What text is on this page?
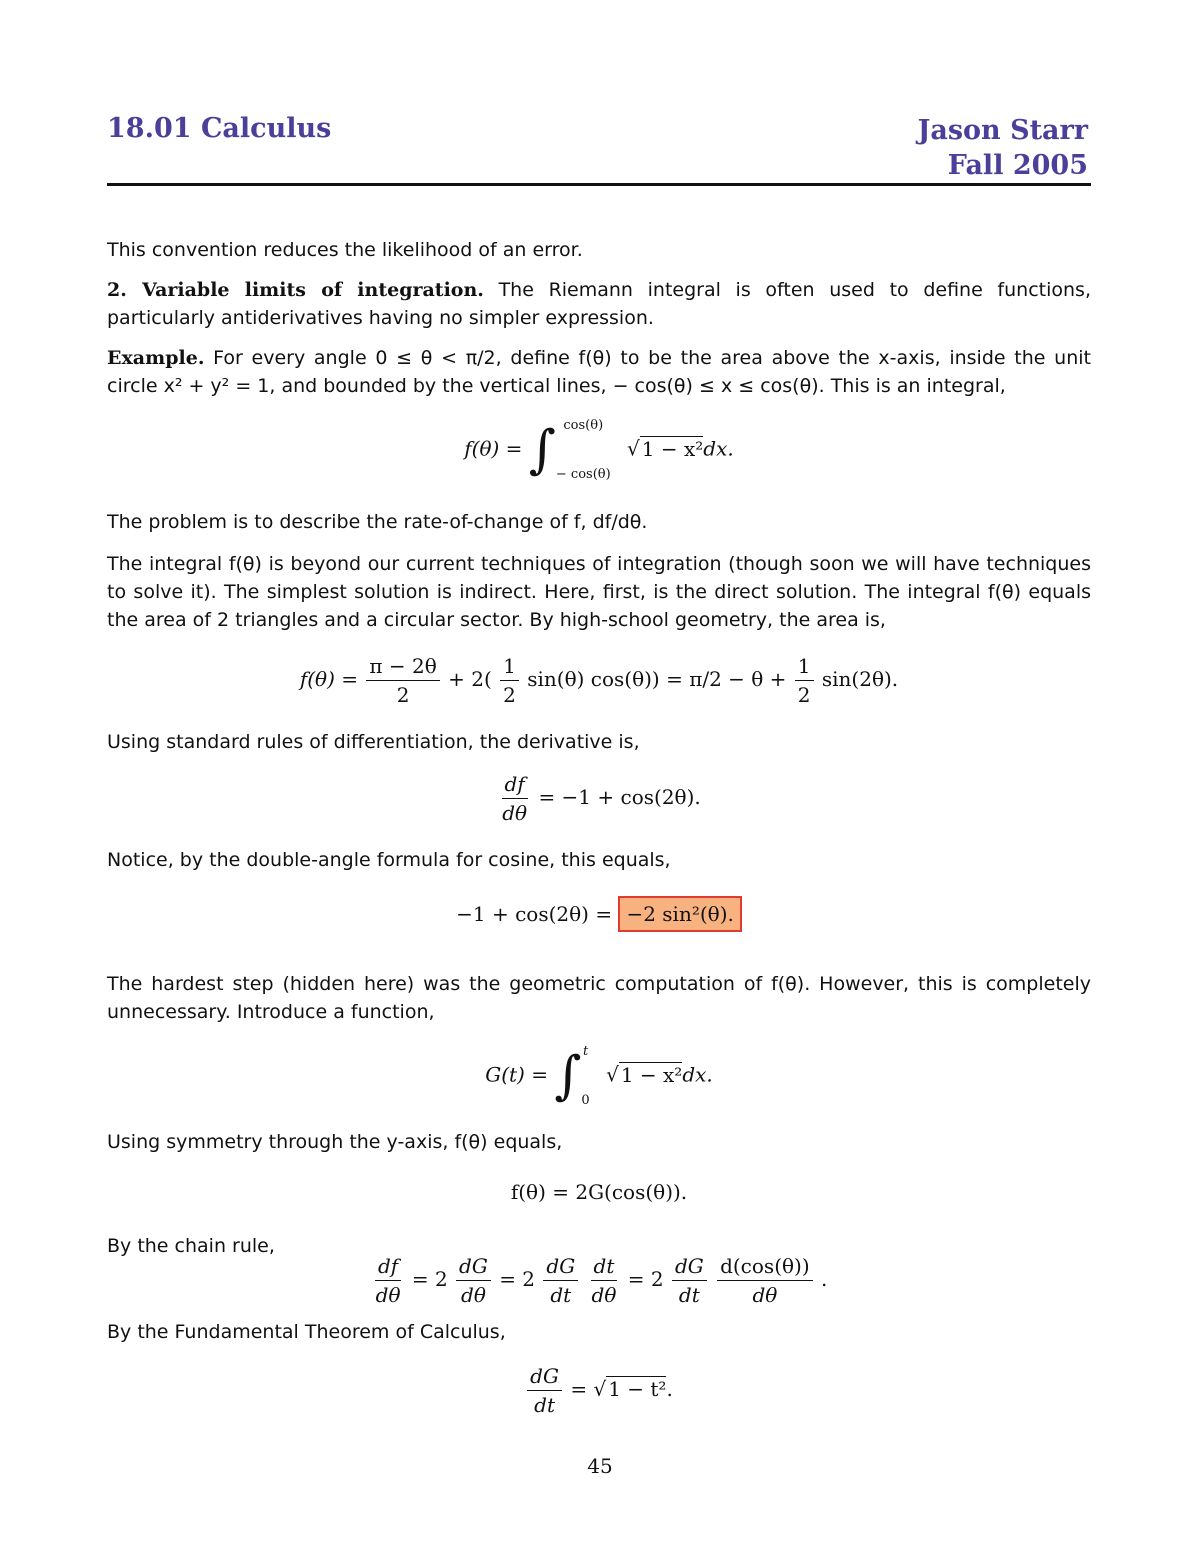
18.01 Calculus	Jason Starr
Fall 2005
This convention reduces the likelihood of an error.
2. Variable limits of integration. The Riemann integral is often used to define functions, particularly antiderivatives having no simpler expression.
Example. For every angle 0 ≤ θ < π/2, define f(θ) to be the area above the x-axis, inside the unit circle x² + y² = 1, and bounded by the vertical lines, − cos(θ) ≤ x ≤ cos(θ). This is an integral,
f(θ) = ∫ cos(θ)
− cos(θ)
√ 1 − x²dx.
The problem is to describe the rate-of-change of f, df/dθ.
The integral f(θ) is beyond our current techniques of integration (though soon we will have techniques to solve it). The simplest solution is indirect. Here, first, is the direct solution. The integral f(θ) equals the area of 2 triangles and a circular sector. By high-school geometry, the area is,
$f(\theta) = \frac{\pi - 2\theta}{2} + 2( \frac{1}{2} \sin(\theta) \cos(\theta)) = \pi/2 - \theta + \frac{1}{2} \sin(2\theta)$.
Using standard rules of differentiation, the derivative is,
$\frac{df}{d\theta} = -1 + \cos(2\theta)$.
Notice, by the double-angle formula for cosine, this equals,
−1 + cos(2θ) = −2 sin²(θ).
The hardest step (hidden here) was the geometric computation of f(θ). However, this is completely unnecessary. Introduce a function,
G(t) = ∫ t
0
√ 1 − x²dx.
Using symmetry through the y-axis, f(θ) equals,
f(θ) = 2G(cos(θ)).
By the chain rule,
$\frac{df}{d\theta} = 2 \frac{dG}{d\theta} = 2 \frac{dG}{dt}$
$\frac{dt}{d\theta} = 2 \frac{dG}{dt}$
$\frac{d(\cos(\theta))}{d\theta}$ .
By the Fundamental Theorem of Calculus,
$\frac{dG}{dt}$ = √ 1 − t².
45
